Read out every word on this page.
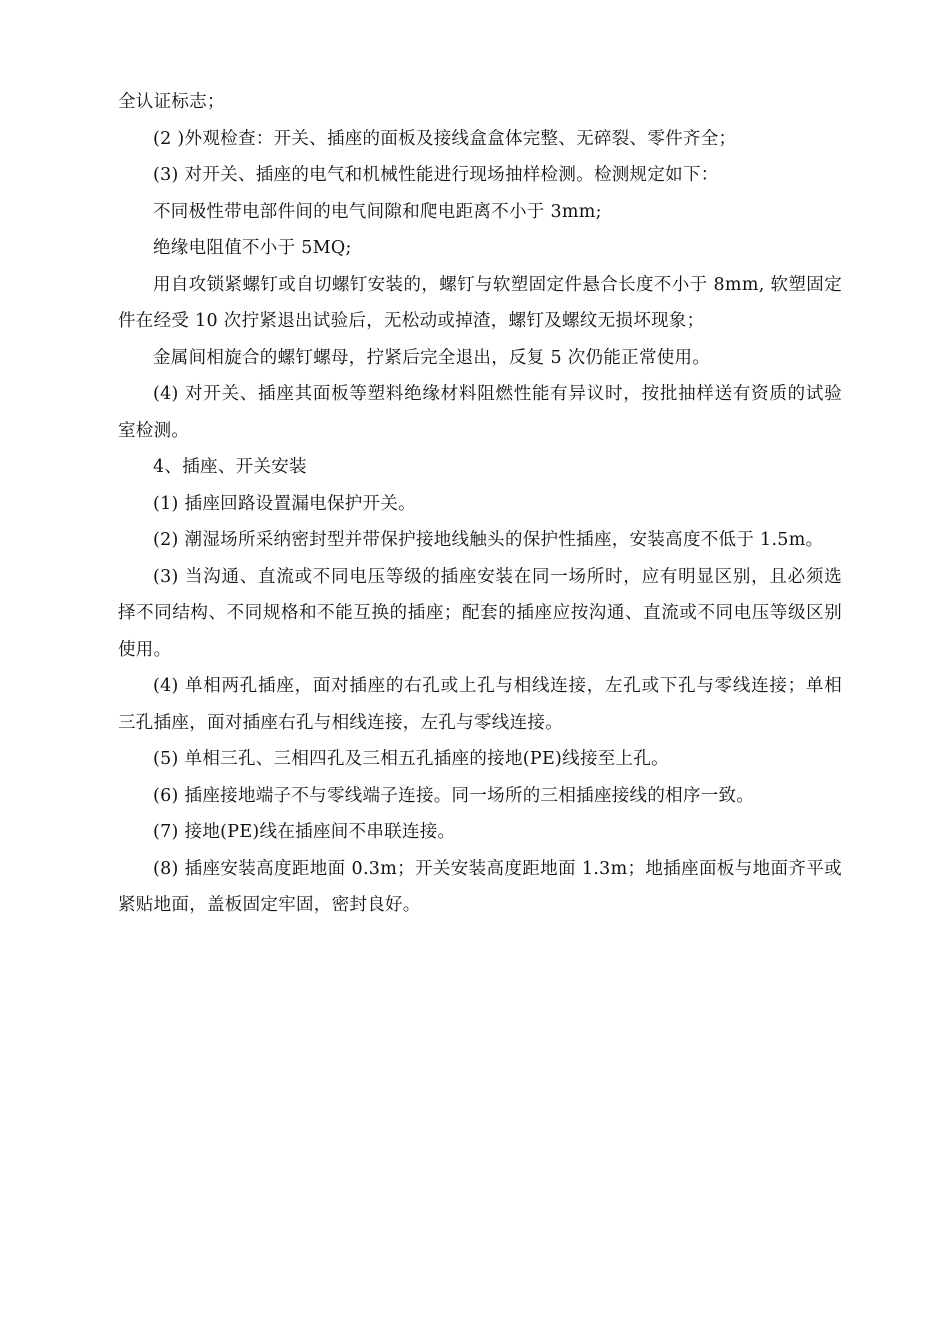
全认证标志；

(2 )外观检查：开关、插座的面板及接线盒盒体完整、无碎裂、零件齐全；

(3) 对开关、插座的电气和机械性能进行现场抽样检测。检测规定如下：

不同极性带电部件间的电气间隙和爬电距离不小于 3mm;

绝缘电阻值不小于 5MQ;

用自攻锁紧螺钉或自切螺钉安装的，螺钉与软塑固定件悬合长度不小于 8mm, 软塑固定件在经受 10 次拧紧退出试验后，无松动或掉渣，螺钉及螺纹无损坏现象；

金属间相旋合的螺钉螺母，拧紧后完全退出，反复 5 次仍能正常使用。

(4) 对开关、插座其面板等塑料绝缘材料阻燃性能有异议时，按批抽样送有资质的试验室检测。

4、插座、开关安装

(1) 插座回路设置漏电保护开关。

(2) 潮湿场所采纳密封型并带保护接地线触头的保护性插座，安装高度不低于 1.5m。

(3) 当沟通、直流或不同电压等级的插座安装在同一场所时，应有明显区别，且必须选择不同结构、不同规格和不能互换的插座；配套的插座应按沟通、直流或不同电压等级区别使用。

(4) 单相两孔插座，面对插座的右孔或上孔与相线连接，左孔或下孔与零线连接；单相三孔插座，面对插座右孔与相线连接，左孔与零线连接。

(5) 单相三孔、三相四孔及三相五孔插座的接地(PE)线接至上孔。

(6) 插座接地端子不与零线端子连接。同一场所的三相插座接线的相序一致。

(7) 接地(PE)线在插座间不串联连接。

(8) 插座安装高度距地面 0.3m；开关安装高度距地面 1.3m；地插座面板与地面齐平或紧贴地面，盖板固定牢固，密封良好。
